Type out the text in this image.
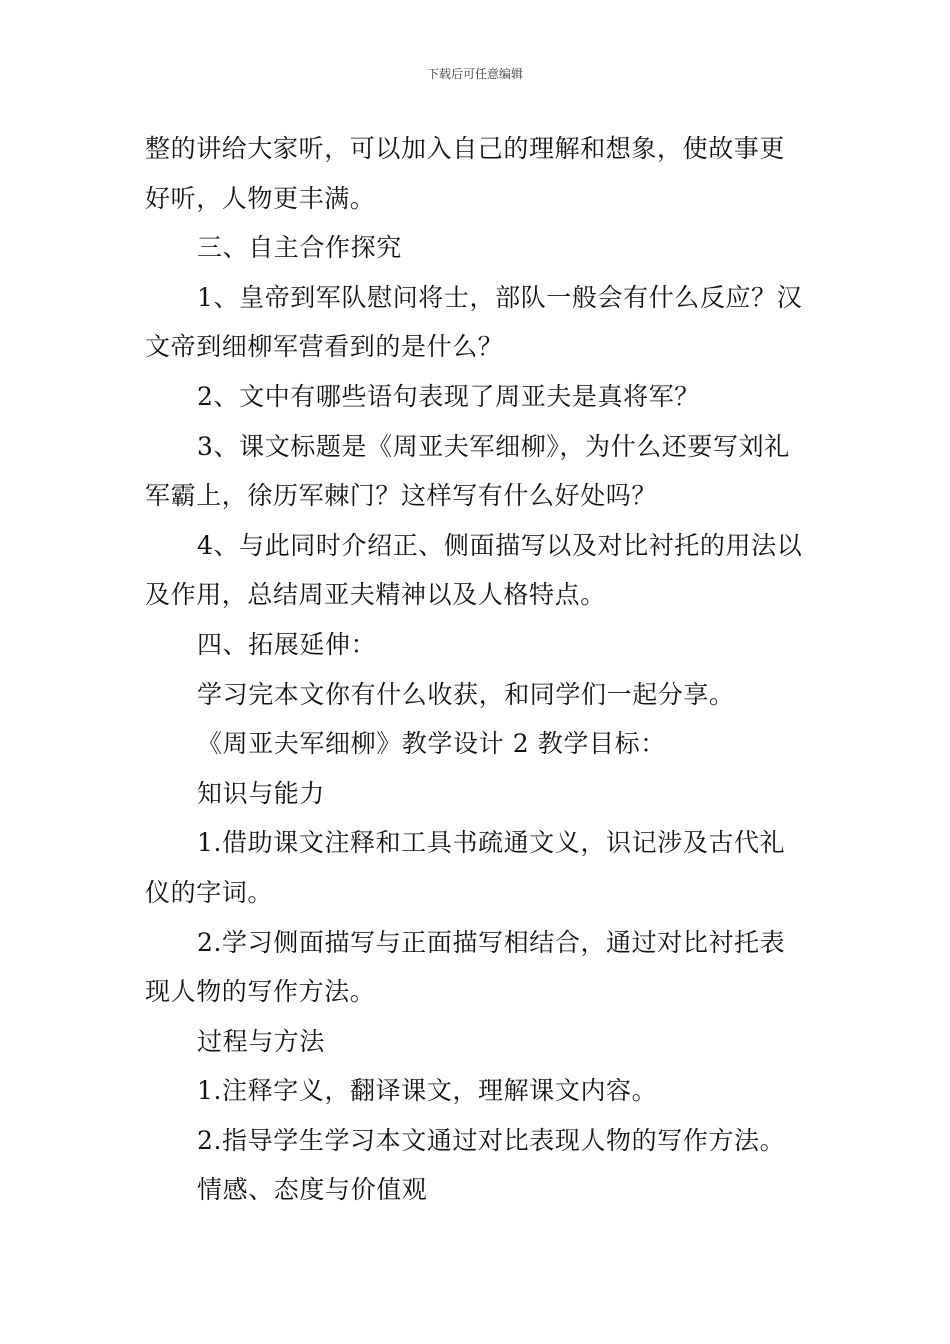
下载后可任意编辑

整的讲给大家听，可以加入自己的理解和想象，使故事更好听，人物更丰满。

三、自主合作探究

1、皇帝到军队慰问将士，部队一般会有什么反应？汉文帝到细柳军营看到的是什么？

2、文中有哪些语句表现了周亚夫是真将军？

3、课文标题是《周亚夫军细柳》，为什么还要写刘礼军霸上，徐历军棘门？这样写有什么好处吗？

4、与此同时介绍正、侧面描写以及对比衬托的用法以及作用，总结周亚夫精神以及人格特点。

四、拓展延伸：

学习完本文你有什么收获，和同学们一起分享。

《周亚夫军细柳》教学设计 2 教学目标：

知识与能力

1.借助课文注释和工具书疏通文义，识记涉及古代礼仪的字词。

2.学习侧面描写与正面描写相结合，通过对比衬托表现人物的写作方法。

过程与方法

1.注释字义，翻译课文，理解课文内容。

2.指导学生学习本文通过对比表现人物的写作方法。

情感、态度与价值观
